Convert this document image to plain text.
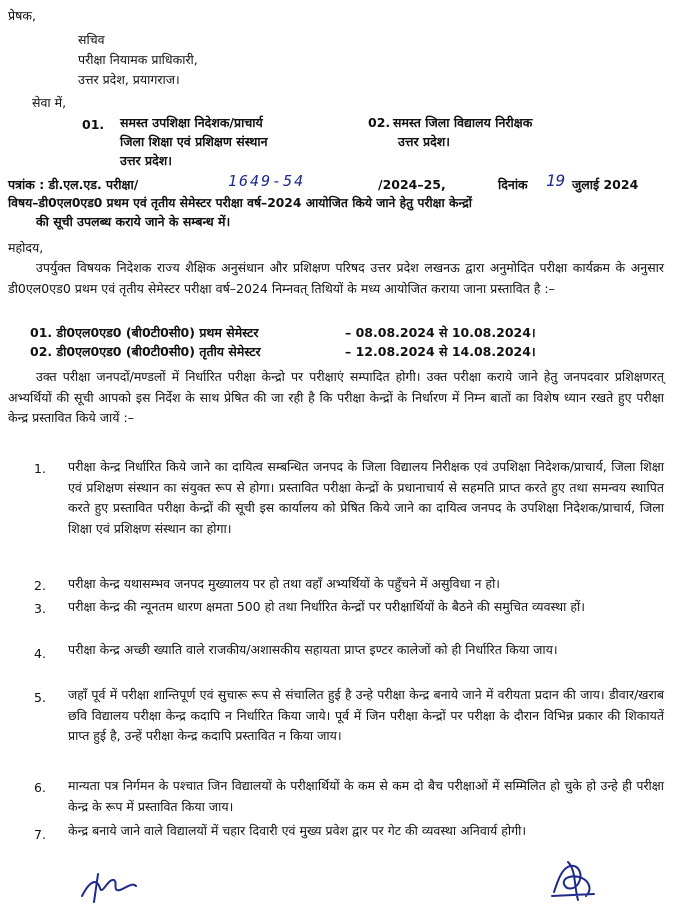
प्रेषक,
सचिव
परीक्षा नियामक प्राधिकारी,
उत्तर प्रदेश, प्रयागराज।
सेवा में,
01. समस्त उपशिक्षा निदेशक/प्राचार्य
जिला शिक्षा एवं प्रशिक्षण संस्थान
उत्तर प्रदेश।
02. समस्त जिला विद्यालय निरीक्षक
उत्तर प्रदेश।
पत्रांक : डी.एल.एड. परीक्षा/	1649-54	/2024–25,	दिनांक 19 जुलाई 2024
विषय–डी0एल0एड0 प्रथम एवं तृतीय सेमेस्टर परीक्षा वर्ष–2024 आयोजित किये जाने हेतु परीक्षा केन्द्रों
की सूची उपलब्ध कराये जाने के सम्बन्ध में।
महोदय,
उपर्युक्त विषयक निदेशक राज्य शैक्षिक अनुसंधान और प्रशिक्षण परिषद उत्तर प्रदेश लखनऊ द्वारा अनुमोदित परीक्षा कार्यक्रम के अनुसार डी0एल0एड0 प्रथम एवं तृतीय सेमेस्टर परीक्षा वर्ष–2024 निम्नवत् तिथियों के मध्य आयोजित कराया जाना प्रस्तावित है :–
01. डी0एल0एड0 (बी0टी0सी0) प्रथम सेमेस्टर	– 08.08.2024 से 10.08.2024।
02. डी0एल0एड0 (बी0टी0सी0) तृतीय सेमेस्टर	– 12.08.2024 से 14.08.2024।
उक्त परीक्षा जनपदों/मण्डलों में निर्धारित परीक्षा केन्द्रो पर परीक्षाएं सम्पादित होगी। उक्त परीक्षा कराये जाने हेतु जनपदवार प्रशिक्षणरत् अभ्यर्थियों की सूची आपको इस निर्देश के साथ प्रेषित की जा रही है कि परीक्षा केन्द्रों के निर्धारण में निम्न बातों का विशेष ध्यान रखते हुए परीक्षा केन्द्र प्रस्तावित किये जायें :–
1. परीक्षा केन्द्र निर्धारित किये जाने का दायित्व सम्बन्धित जनपद के जिला विद्यालय निरीक्षक एवं उपशिक्षा निदेशक/प्राचार्य, जिला शिक्षा एवं प्रशिक्षण संस्थान का संयुक्त रूप से होगा। प्रस्तावित परीक्षा केन्द्रों के प्रधानाचार्य से सहमति प्राप्त करते हुए तथा समन्वय स्थापित करते हुए प्रस्तावित परीक्षा केन्द्रों की सूची इस कार्यालय को प्रेषित किये जाने का दायित्व जनपद के उपशिक्षा निदेशक/प्राचार्य, जिला शिक्षा एवं प्रशिक्षण संस्थान का होगा।
2. परीक्षा केन्द्र यथासम्भव जनपद मुख्यालय पर हो तथा वहाँ अभ्यर्थियों के पहुँचने में असुविधा न हो।
3. परीक्षा केन्द्र की न्यूनतम धारण क्षमता 500 हो तथा निर्धारित केन्द्रों पर परीक्षार्थियों के बैठने की समुचित व्यवस्था हों।
4. परीक्षा केन्द्र अच्छी ख्याति वाले राजकीय/अशासकीय सहायता प्राप्त इण्टर कालेजों को ही निर्धारित किया जाय।
5. जहाँ पूर्व में परीक्षा शान्तिपूर्ण एवं सुचारू रूप से संचालित हुई है उन्हे परीक्षा केन्द्र बनाये जाने में वरीयता प्रदान की जाय। डीवार/खराब छवि विद्यालय परीक्षा केन्द्र कदापि न निर्धारित किया जाये। पूर्व में जिन परीक्षा केन्द्रों पर परीक्षा के दौरान विभिन्न प्रकार की शिकायतें प्राप्त हुई है, उन्हें परीक्षा केन्द्र कदापि प्रस्तावित न किया जाय।
6. मान्यता पत्र निर्गमन के पश्चात जिन विद्यालयों के परीक्षार्थियों के कम से कम दो बैच परीक्षाओं में सम्मिलित हो चुके हो उन्हे ही परीक्षा केन्द्र के रूप में प्रस्तावित किया जाय।
7. केन्द्र बनाये जाने वाले विद्यालयों में चहार दिवारी एवं मुख्य प्रवेश द्वार पर गेट की व्यवस्था अनिवार्य होगी।
